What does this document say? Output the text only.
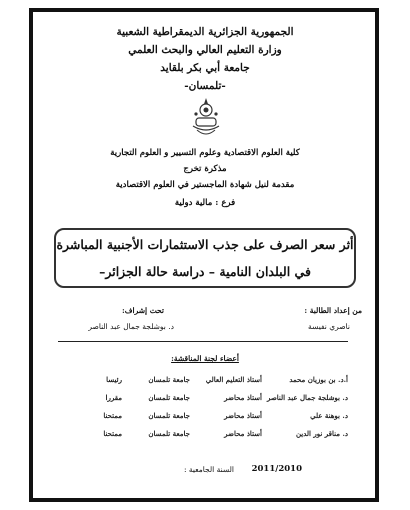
الجمهورية الجزائرية الديمقراطية الشعبية
وزارة التعليم العالي والبحث العلمي
جامعة أبي بكر بلقايد
-تلمسان-
كلية العلوم الاقتصادية وعلوم التسيير و العلوم التجارية
مذكرة تخرج
مقدمة لنيل شهادة الماجستير في العلوم الاقتصادية
فرع : مالية دولية
أثر سعر الصرف على جذب الاستثمارات الأجنبية المباشرة
في البلدان النامية – دراسة حالة الجزائر–
من إعداد الطالبة :
ناصري نفيسة
تحت إشراف:
د. بوشلجة جمال عبد الناصر
أعضاء لجنة المناقشة:
أ.د. بن بوزيان محمد
أستاذ التعليم العالي
جامعة تلمسان
رئيسا
د. بوشلجة جمال عبد الناصر
أستاذ محاضر
جامعة تلمسان
مقررا
د. بوهنة علي
أستاذ محاضر
جامعة تلمسان
ممتحنا
د. مناقر نور الدين
أستاذ محاضر
جامعة تلمسان
ممتحنا
السنة الجامعية : 2011/2010
